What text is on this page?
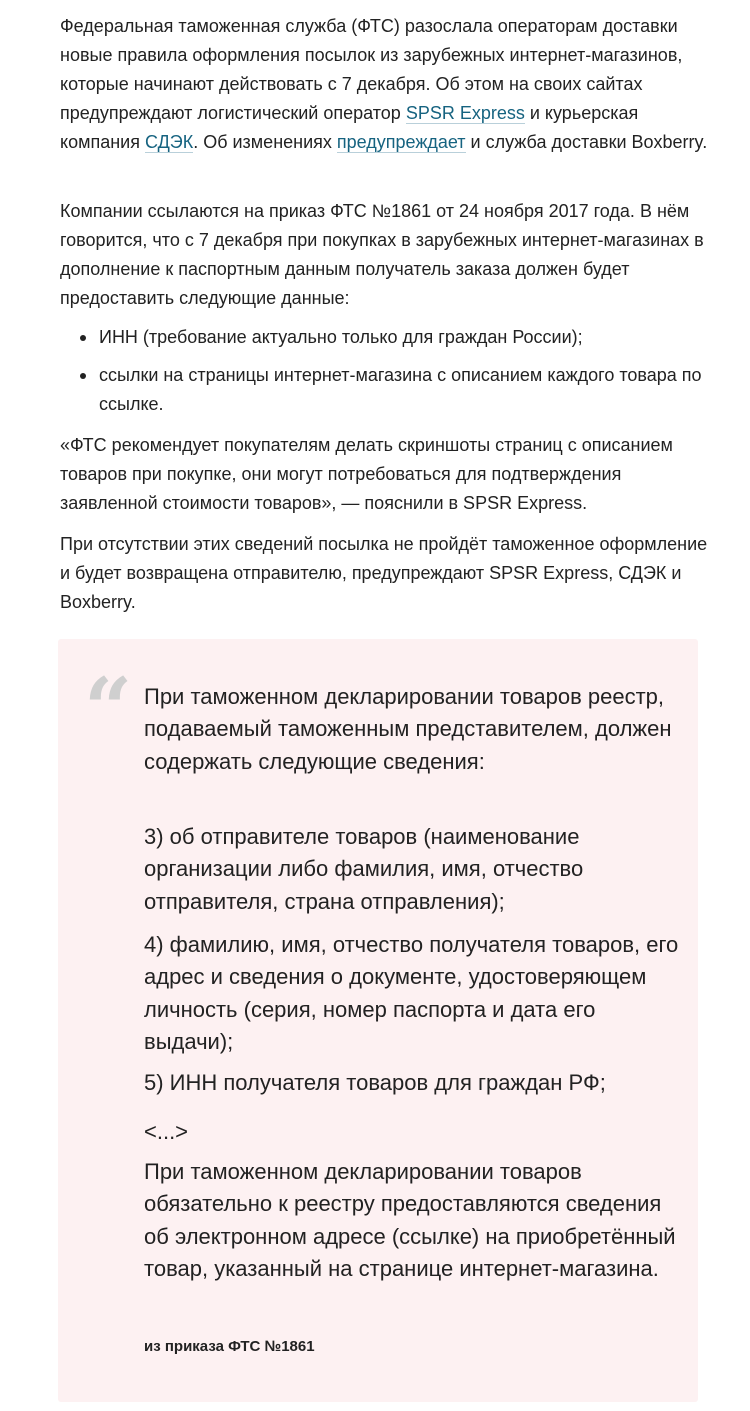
Федеральная таможенная служба (ФТС) разослала операторам доставки новые правила оформления посылок из зарубежных интернет-магазинов, которые начинают действовать с 7 декабря. Об этом на своих сайтах предупреждают логистический оператор SPSR Express и курьерская компания СДЭК. Об изменениях предупреждает и служба доставки Boxberry.

Компании ссылаются на приказ ФТС №1861 от 24 ноября 2017 года. В нём говорится, что с 7 декабря при покупках в зарубежных интернет-магазинах в дополнение к паспортным данным получатель заказа должен будет предоставить следующие данные:

ИНН (требование актуально только для граждан России);
ссылки на страницы интернет-магазина с описанием каждого товара по ссылке.

«ФТС рекомендует покупателям делать скриншоты страниц с описанием товаров при покупке, они могут потребоваться для подтверждения заявленной стоимости товаров», — пояснили в SPSR Express.

При отсутствии этих сведений посылка не пройдёт таможенное оформление и будет возвращена отправителю, предупреждают SPSR Express, СДЭК и Boxberry.

“ При таможенном декларировании товаров реестр, подаваемый таможенным представителем, должен содержать следующие сведения:

3) об отправителе товаров (наименование организации либо фамилия, имя, отчество отправителя, страна отправления);

4) фамилию, имя, отчество получателя товаров, его адрес и сведения о документе, удостоверяющем личность (серия, номер паспорта и дата его выдачи);

5) ИНН получателя товаров для граждан РФ;

<...>

При таможенном декларировании товаров обязательно к реестру предоставляются сведения об электронном адресе (ссылке) на приобретённый товар, указанный на странице интернет-магазина.

из приказа ФТС №1861
